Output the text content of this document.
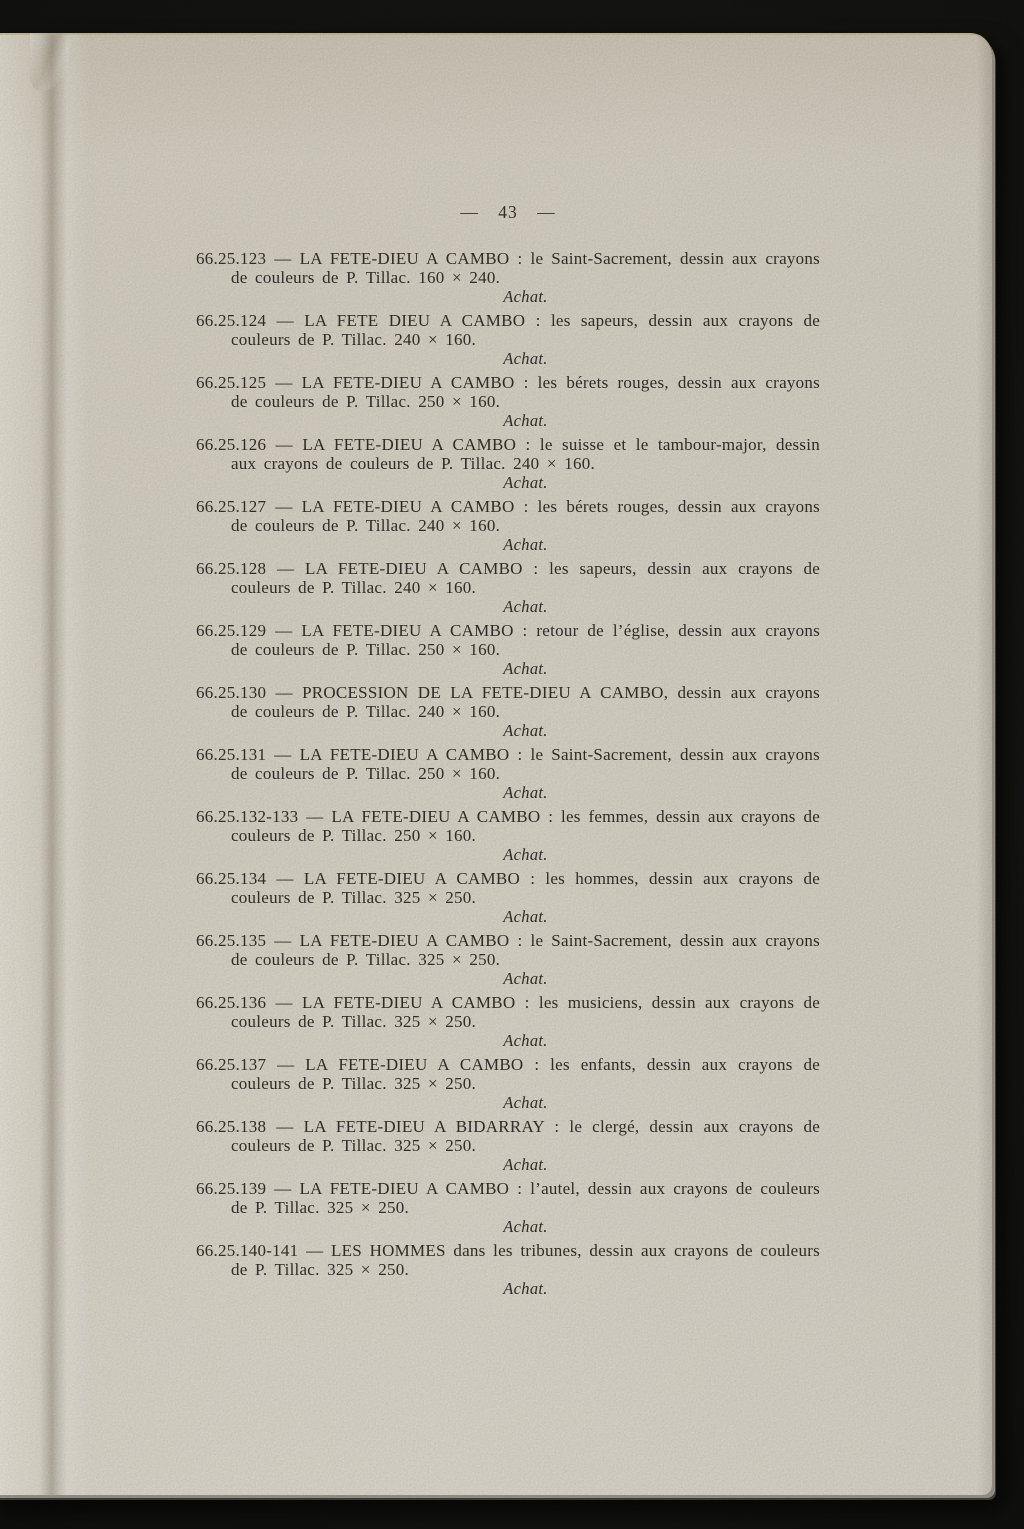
— 43 —

66.25.123 — LA FETE-DIEU A CAMBO : le Saint-Sacrement, dessin aux crayons de couleurs de P. Tillac. 160 × 240.

Achat.

66.25.124 — LA FETE DIEU A CAMBO : les sapeurs, dessin aux crayons de couleurs de P. Tillac. 240 × 160.

Achat.

66.25.125 — LA FETE-DIEU A CAMBO : les bérets rouges, dessin aux crayons de couleurs de P. Tillac. 250 × 160.

Achat.

66.25.126 — LA FETE-DIEU A CAMBO : le suisse et le tambour-major, dessin aux crayons de couleurs de P. Tillac. 240 × 160.

Achat.

66.25.127 — LA FETE-DIEU A CAMBO : les bérets rouges, dessin aux crayons de couleurs de P. Tillac. 240 × 160.

Achat.

66.25.128 — LA FETE-DIEU A CAMBO : les sapeurs, dessin aux crayons de couleurs de P. Tillac. 240 × 160.

Achat.

66.25.129 — LA FETE-DIEU A CAMBO : retour de l’église, dessin aux crayons de couleurs de P. Tillac. 250 × 160.

Achat.

66.25.130 — PROCESSION DE LA FETE-DIEU A CAMBO, dessin aux crayons de couleurs de P. Tillac. 240 × 160.

Achat.

66.25.131 — LA FETE-DIEU A CAMBO : le Saint-Sacrement, dessin aux crayons de couleurs de P. Tillac. 250 × 160.

Achat.

66.25.132-133 — LA FETE-DIEU A CAMBO : les femmes, dessin aux crayons de couleurs de P. Tillac. 250 × 160.

Achat.

66.25.134 — LA FETE-DIEU A CAMBO : les hommes, dessin aux crayons de couleurs de P. Tillac. 325 × 250.

Achat.

66.25.135 — LA FETE-DIEU A CAMBO : le Saint-Sacrement, dessin aux crayons de couleurs de P. Tillac. 325 × 250.

Achat.

66.25.136 — LA FETE-DIEU A CAMBO : les musiciens, dessin aux crayons de couleurs de P. Tillac. 325 × 250.

Achat.

66.25.137 — LA FETE-DIEU A CAMBO : les enfants, dessin aux crayons de couleurs de P. Tillac. 325 × 250.

Achat.

66.25.138 — LA FETE-DIEU A BIDARRAY : le clergé, dessin aux crayons de couleurs de P. Tillac. 325 × 250.

Achat.

66.25.139 — LA FETE-DIEU A CAMBO : l’autel, dessin aux crayons de couleurs de P. Tillac. 325 × 250.

Achat.

66.25.140-141 — LES HOMMES dans les tribunes, dessin aux crayons de couleurs de P. Tillac. 325 × 250.

Achat.
